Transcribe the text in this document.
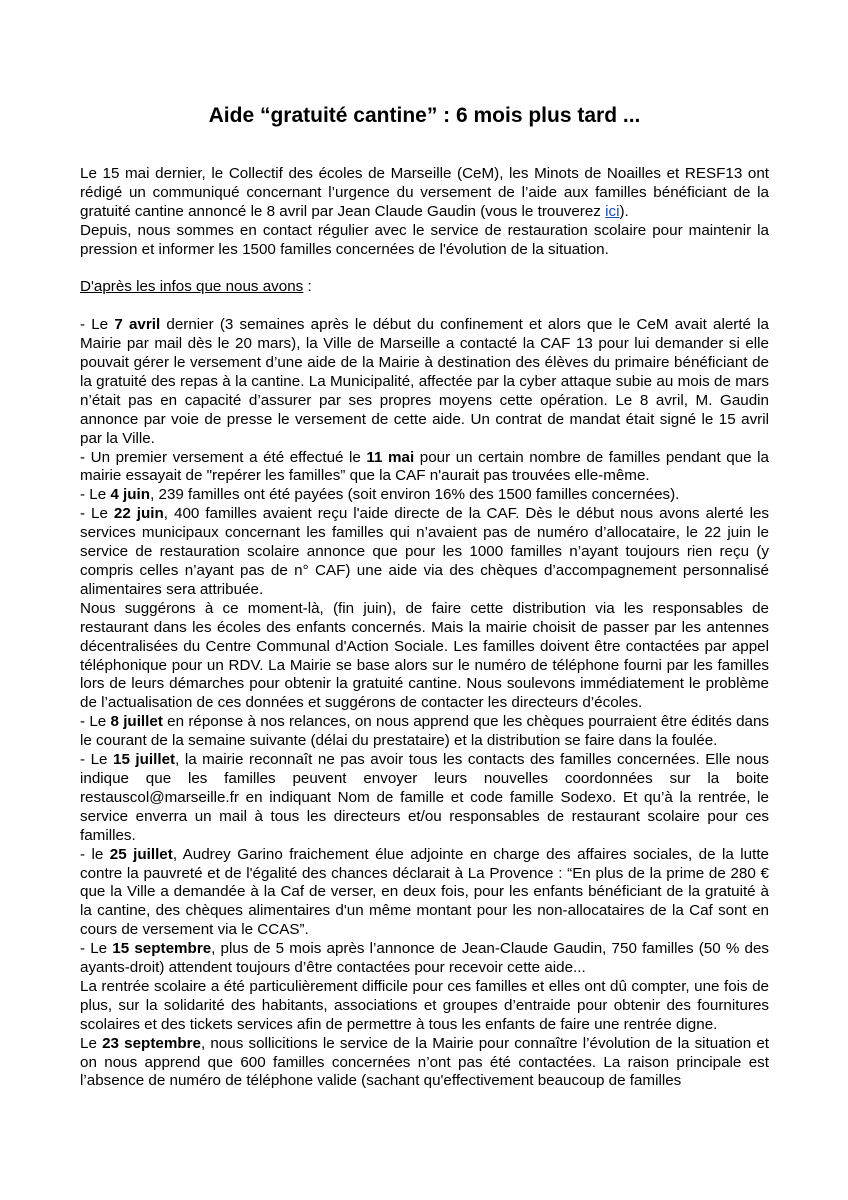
Aide “gratuité cantine” : 6 mois plus tard ...

Le 15 mai dernier, le Collectif des écoles de Marseille (CeM), les Minots de Noailles et RESF13 ont rédigé un communiqué concernant l’urgence du versement de l’aide aux familles bénéficiant de la gratuité cantine annoncé le 8 avril par Jean Claude Gaudin (vous le trouverez ici).

Depuis, nous sommes en contact régulier avec le service de restauration scolaire pour maintenir la pression et informer les 1500 familles concernées de l'évolution de la situation.

D'après les infos que nous avons :

- Le 7 avril dernier (3 semaines après le début du confinement et alors que le CeM avait alerté la Mairie par mail dès le 20 mars), la Ville de Marseille a contacté la CAF 13 pour lui demander si elle pouvait gérer le versement d’une aide de la Mairie à destination des élèves du primaire bénéficiant de la gratuité des repas à la cantine. La Municipalité, affectée par la cyber attaque subie au mois de mars n’était pas en capacité d’assurer par ses propres moyens cette opération. Le 8 avril, M. Gaudin annonce par voie de presse le versement de cette aide. Un contrat de mandat était signé le 15 avril par la Ville.

- Un premier versement a été effectué le 11 mai pour un certain nombre de familles pendant que la mairie essayait de "repérer les familles” que la CAF n'aurait pas trouvées elle-même.

- Le 4 juin, 239 familles ont été payées (soit environ 16% des 1500 familles concernées).

- Le 22 juin, 400 familles avaient reçu l'aide directe de la CAF. Dès le début nous avons alerté les services municipaux concernant les familles qui n’avaient pas de numéro d’allocataire, le 22 juin le service de restauration scolaire annonce que pour les 1000 familles n’ayant toujours rien reçu (y compris celles n’ayant pas de n° CAF) une aide via des chèques d’accompagnement personnalisé alimentaires sera attribuée.

Nous suggérons à ce moment-là, (fin juin), de faire cette distribution via les responsables de restaurant dans les écoles des enfants concernés. Mais la mairie choisit de passer par les antennes décentralisées du Centre Communal d'Action Sociale. Les familles doivent être contactées par appel téléphonique pour un RDV. La Mairie se base alors sur le numéro de téléphone fourni par les familles lors de leurs démarches pour obtenir la gratuité cantine. Nous soulevons immédiatement le problème de l’actualisation de ces données et suggérons de contacter les directeurs d’écoles.

- Le 8 juillet en réponse à nos relances, on nous apprend que les chèques pourraient être édités dans le courant de la semaine suivante (délai du prestataire) et la distribution se faire dans la foulée.

- Le 15 juillet, la mairie reconnaît ne pas avoir tous les contacts des familles concernées. Elle nous indique que les familles peuvent envoyer leurs nouvelles coordonnées sur la boite restauscol@marseille.fr en indiquant Nom de famille et code famille Sodexo. Et qu’à la rentrée, le service enverra un mail à tous les directeurs et/ou responsables de restaurant scolaire pour ces familles.

- le 25 juillet, Audrey Garino fraichement élue adjointe en charge des affaires sociales, de la lutte contre la pauvreté et de l'égalité des chances déclarait à La Provence : “En plus de la prime de 280 € que la Ville a demandée à la Caf de verser, en deux fois, pour les enfants bénéficiant de la gratuité à la cantine, des chèques alimentaires d'un même montant pour les non-allocataires de la Caf sont en cours de versement via le CCAS”.

- Le 15 septembre, plus de 5 mois après l’annonce de Jean-Claude Gaudin, 750 familles (50 % des ayants-droit) attendent toujours d’être contactées pour recevoir cette aide...

La rentrée scolaire a été particulièrement difficile pour ces familles et elles ont dû compter, une fois de plus, sur la solidarité des habitants, associations et groupes d’entraide pour obtenir des fournitures scolaires et des tickets services afin de permettre à tous les enfants de faire une rentrée digne.

Le 23 septembre, nous sollicitions le service de la Mairie pour connaître l’évolution de la situation et on nous apprend que 600 familles concernées n’ont pas été contactées. La raison principale est l’absence de numéro de téléphone valide (sachant qu'effectivement beaucoup de familles
